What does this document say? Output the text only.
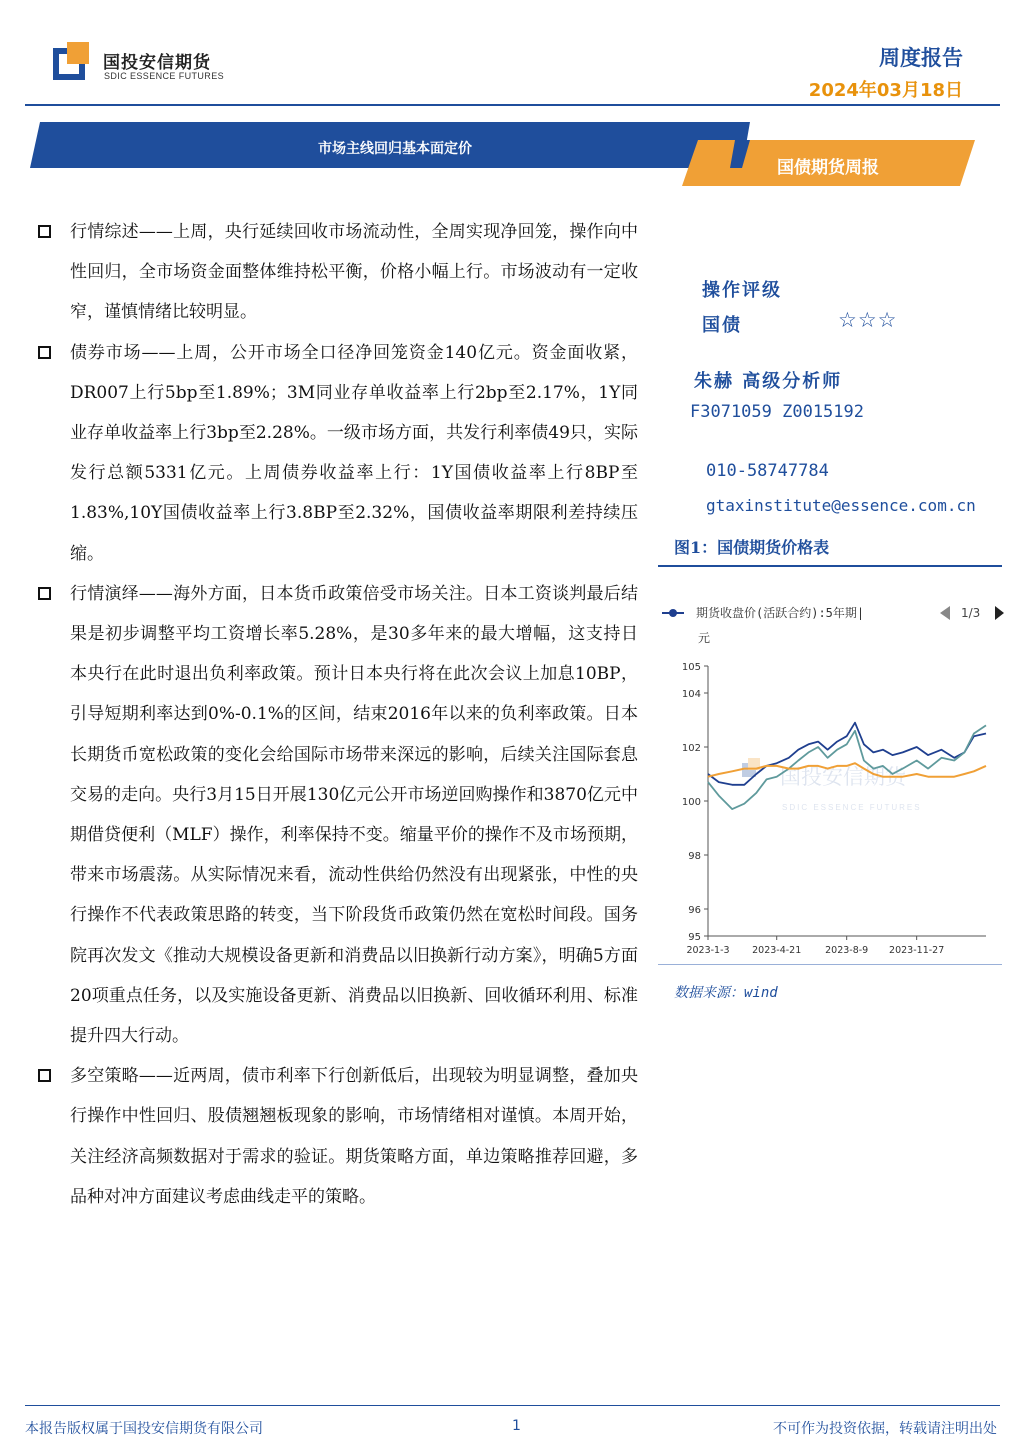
国投安信期货
SDIC ESSENCE FUTURES
周度报告
2024年03月18日
市场主线回归基本面定价
国债期货周报
行情综述——上周，央行延续回收市场流动性，全周实现净回笼，操作向中性回归，全市场资金面整体维持松平衡，价格小幅上行。市场波动有一定收窄，谨慎情绪比较明显。
债券市场——上周，公开市场全口径净回笼资金140亿元。资金面收紧，DR007上行5bp至1.89%；3M同业存单收益率上行2bp至2.17%，1Y同业存单收益率上行3bp至2.28%。一级市场方面，共发行利率债49只，实际发行总额5331亿元。上周债券收益率上行：1Y国债收益率上行8BP至1.83%,10Y国债收益率上行3.8BP至2.32%，国债收益率期限利差持续压缩。
行情演绎——海外方面，日本货币政策倍受市场关注。日本工资谈判最后结果是初步调整平均工资增长率5.28%，是30多年来的最大增幅，这支持日本央行在此时退出负利率政策。预计日本央行将在此次会议上加息10BP，引导短期利率达到0%-0.1%的区间，结束2016年以来的负利率政策。日本长期货币宽松政策的变化会给国际市场带来深远的影响，后续关注国际套息交易的走向。央行3月15日开展130亿元公开市场逆回购操作和3870亿元中期借贷便利（MLF）操作，利率保持不变。缩量平价的操作不及市场预期，带来市场震荡。从实际情况来看，流动性供给仍然没有出现紧张，中性的央行操作不代表政策思路的转变，当下阶段货币政策仍然在宽松时间段。国务院再次发文《推动大规模设备更新和消费品以旧换新行动方案》，明确5方面20项重点任务，以及实施设备更新、消费品以旧换新、回收循环利用、标准提升四大行动。
多空策略——近两周，债市利率下行创新低后，出现较为明显调整，叠加央行操作中性回归、股债翘翘板现象的影响，市场情绪相对谨慎。本周开始，关注经济高频数据对于需求的验证。期货策略方面，单边策略推荐回避，多品种对冲方面建议考虑曲线走平的策略。
操作评级
国债	☆☆☆
朱赫 高级分析师
F3071059 Z0015192
010-58747784
gtaxinstitute@essence.com.cn
图1：国债期货价格表
期货收盘价(活跃合约):5年期|
元
1/3
国投安信期货
SDIC ESSENCE FUTURES
95
96
98
100
102
104
105
2023-1-3 2023-4-21	2023-8-9 2023-11-27
数据来源：wind
本报告版权属于国投安信期货有限公司	1	不可作为投资依据，转载请注明出处
